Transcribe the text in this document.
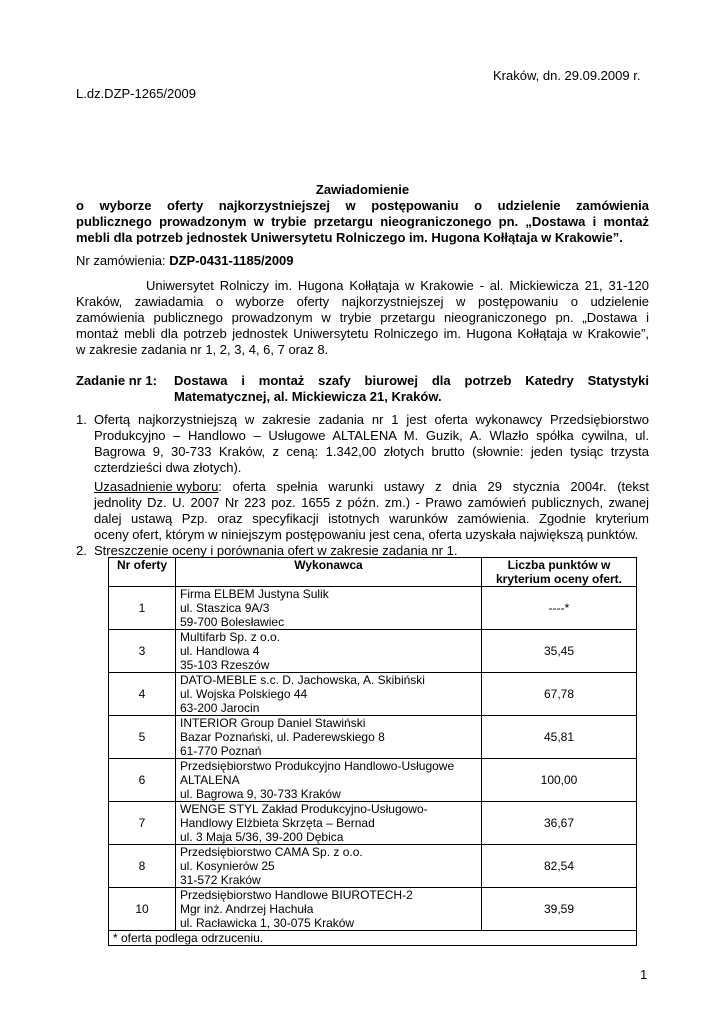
Kraków, dn. 29.09.2009 r.
L.dz.DZP-1265/2009
Zawiadomienie
o wyborze oferty najkorzystniejszej w postępowaniu o udzielenie zamówienia
publicznego prowadzonym w trybie przetargu nieograniczonego pn. „Dostawa i montaż
mebli dla potrzeb jednostek Uniwersytetu Rolniczego im. Hugona Kołłątaja w Krakowie”.
Nr zamówienia: DZP-0431-1185/2009
Uniwersytet Rolniczy im. Hugona Kołłątaja w Krakowie - al. Mickiewicza 21, 31-120
Kraków, zawiadamia o wyborze oferty najkorzystniejszej w postępowaniu o udzielenie
zamówienia publicznego prowadzonym w trybie przetargu nieograniczonego pn. „Dostawa i
montaż mebli dla potrzeb jednostek Uniwersytetu Rolniczego im. Hugona Kołłątaja w Krakowie”,
w zakresie zadania nr 1, 2, 3, 4, 6, 7 oraz 8.
Zadanie nr 1: Dostawa i montaż szafy biurowej dla potrzeb Katedry Statystyki
Matematycznej, al. Mickiewicza 21, Kraków.
1. Ofertą najkorzystniejszą w zakresie zadania nr 1 jest oferta wykonawcy Przedsiębiorstwo
Produkcyjno – Handlowo – Usługowe ALTALENA M. Guzik, A. Wlazło spółka cywilna, ul.
Bagrowa 9, 30-733 Kraków, z ceną: 1.342,00 złotych brutto (słownie: jeden tysiąc trzysta
czterdzieści dwa złotych).
Uzasadnienie wyboru : oferta spełnia warunki ustawy z dnia 29 stycznia 2004r. (tekst
jednolity Dz. U. 2007 Nr 223 poz. 1655 z późn. zm.) - Prawo zamówień publicznych, zwanej
dalej ustawą Pzp. oraz specyfikacji istotnych warunków zamówienia. Zgodnie kryterium
oceny ofert, którym w niniejszym postępowaniu jest cena, oferta uzyskała największą punktów.
2. Streszczenie oceny i porównania ofert w zakresie zadania nr 1.
Nr oferty	Wykonawca	Liczba punktów w kryterium oceny ofert.
1	Firma ELBEM Justyna Sulik
ul. Staszica 9A/3
59-700 Bolesławiec	----*
3	Multifarb Sp. z o.o.
ul. Handlowa 4
35-103 Rzeszów	35,45
4	DATO-MEBLE s.c. D. Jachowska, A. Skibiński
ul. Wojska Polskiego 44
63-200 Jarocin	67,78
5	INTERIOR Group Daniel Stawiński
Bazar Poznański, ul. Paderewskiego 8
61-770 Poznań	45,81
6	Przedsiębiorstwo Produkcyjno Handlowo-Usługowe
ALTALENA
ul. Bagrowa 9, 30-733 Kraków	100,00
7	WENGE STYL Zakład Produkcyjno-Usługowo-
Handlowy Elżbieta Skrzęta – Bernad
ul. 3 Maja 5/36, 39-200 Dębica	36,67
8	Przedsiębiorstwo CAMA Sp. z o.o.
ul. Kosynierów 25
31-572 Kraków	82,54
10	Przedsiębiorstwo Handlowe BIUROTECH-2
Mgr inż. Andrzej Hachuła
ul. Racławicka 1, 30-075 Kraków	39,59
* oferta podlega odrzuceniu.		
1
